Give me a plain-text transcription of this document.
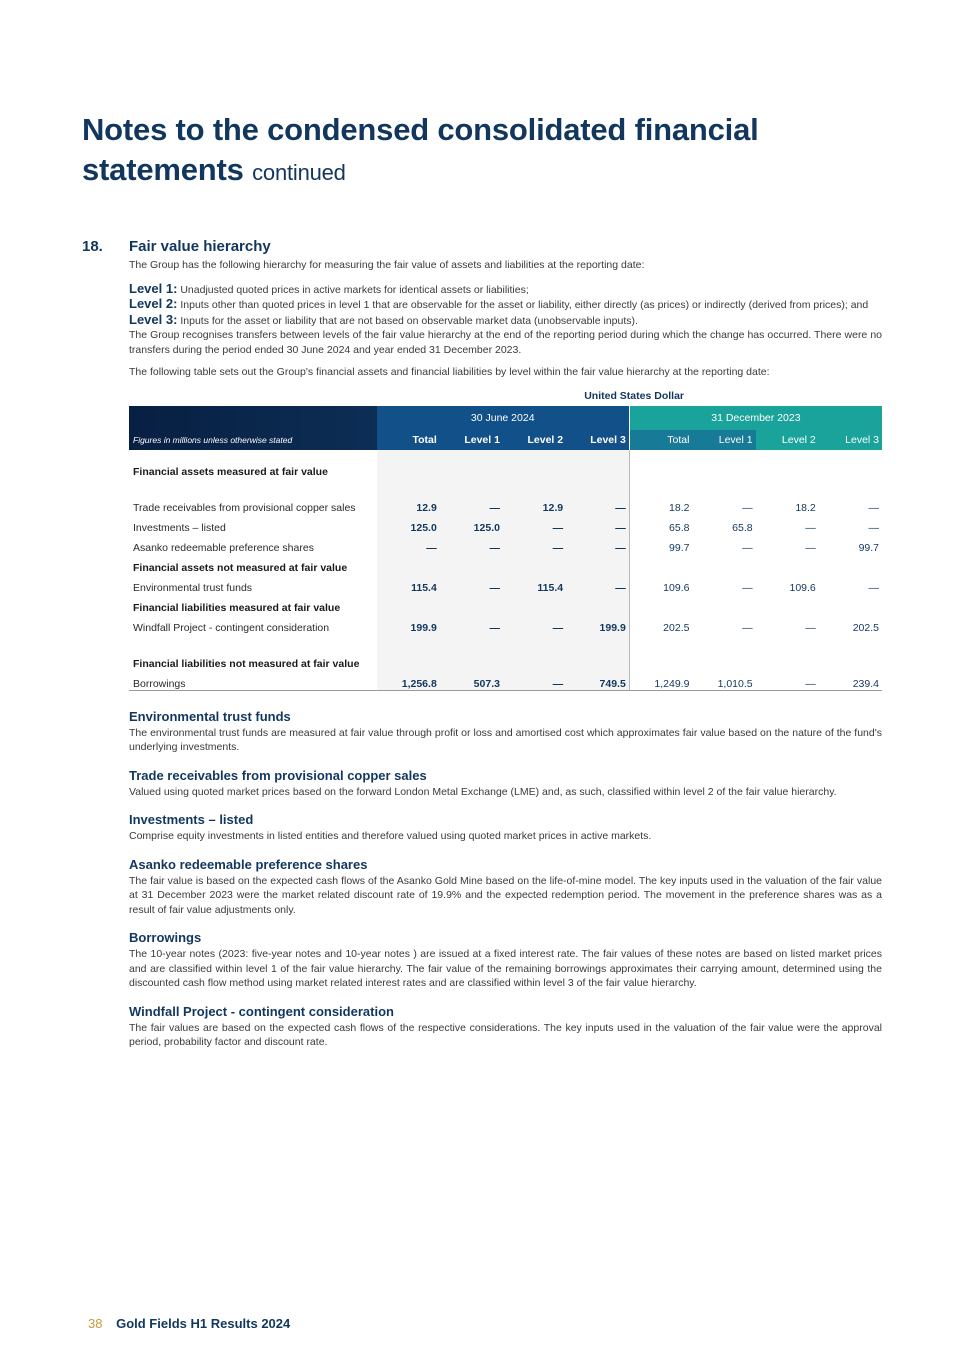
Notes to the condensed consolidated financial statements continued
18.	Fair value hierarchy
The Group has the following hierarchy for measuring the fair value of assets and liabilities at the reporting date:
Level 1: Unadjusted quoted prices in active markets for identical assets or liabilities;
Level 2: Inputs other than quoted prices in level 1 that are observable for the asset or liability, either directly (as prices) or indirectly (derived from prices); and
Level 3: Inputs for the asset or liability that are not based on observable market data (unobservable inputs).
The Group recognises transfers between levels of the fair value hierarchy at the end of the reporting period during which the change has occurred. There were no transfers during the period ended 30 June 2024 and year ended 31 December 2023.
The following table sets out the Group's financial assets and financial liabilities by level within the fair value hierarchy at the reporting date:
United States Dollar
	30 June 2024				31 December 2023			
Figures in millions unless otherwise stated	Total	Level 1	Level 2	Level 3	Total	Level 1	Level 2	Level 3

Financial assets measured at fair value								
Trade receivables from provisional copper sales	12.9	—	12.9	—	18.2	—	18.2	—
Investments – listed	125.0	125.0	—	—	65.8	65.8	—	—
Asanko redeemable preference shares	—	—	—	—	99.7	—	—	99.7
Financial assets not measured at fair value								
Environmental trust funds	115.4	—	115.4	—	109.6	—	109.6	—
Financial liabilities measured at fair value								
Windfall Project - contingent consideration	199.9	—	—	199.9	202.5	—	—	202.5
Financial liabilities not measured at fair value								
Borrowings	1,256.8	507.3	—	749.5	1,249.9	1,010.5	—	239.4
Environmental trust funds

The environmental trust funds are measured at fair value through profit or loss and amortised cost which approximates fair value based on the nature of the fund's underlying investments.

Trade receivables from provisional copper sales

Valued using quoted market prices based on the forward London Metal Exchange (LME) and, as such, classified within level 2 of the fair value hierarchy.

Investments – listed

Comprise equity investments in listed entities and therefore valued using quoted market prices in active markets.

Asanko redeemable preference shares

The fair value is based on the expected cash flows of the Asanko Gold Mine based on the life-of-mine model. The key inputs used in the valuation of the fair value at 31 December 2023 were the market related discount rate of 19.9% and the expected redemption period. The movement in the preference shares was as a result of fair value adjustments only.

Borrowings

The 10-year notes (2023: five-year notes and 10-year notes ) are issued at a fixed interest rate. The fair values of these notes are based on listed market prices and are classified within level 1 of the fair value hierarchy. The fair value of the remaining borrowings approximates their carrying amount, determined using the discounted cash flow method using market related interest rates and are classified within level 3 of the fair value hierarchy.

Windfall Project - contingent consideration

The fair values are based on the expected cash flows of the respective considerations. The key inputs used in the valuation of the fair value were the approval period, probability factor and discount rate.

38 Gold Fields H1 Results 2024
